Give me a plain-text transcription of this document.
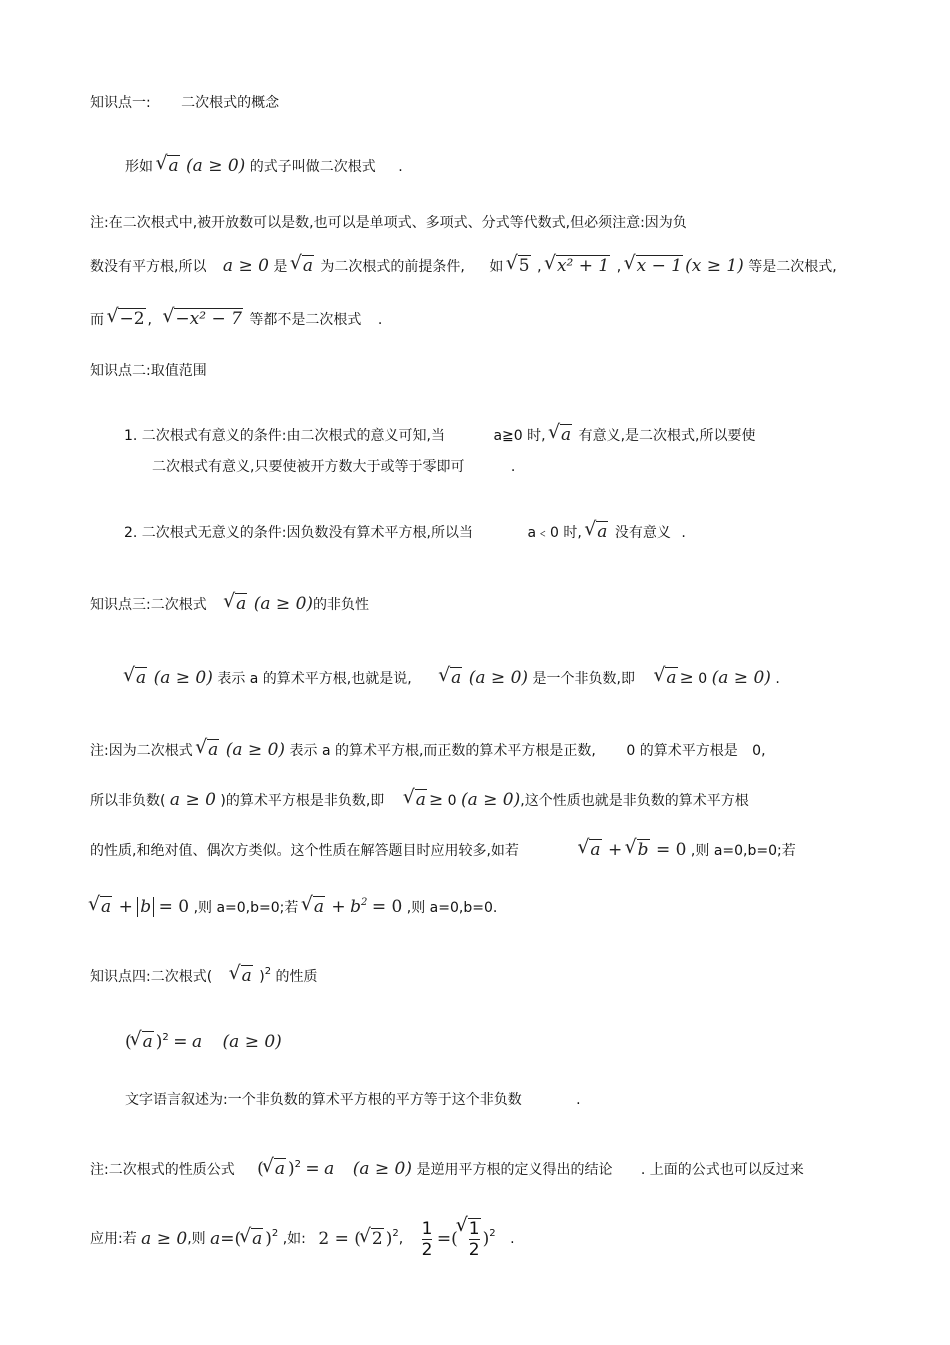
知识点一: 二次根式的概念
形如 √ a (a ≥ 0) 的式子叫做二次根式 .
注:在二次根式中,被开放数可以是数,也可以是单项式、多项式、分式等代数式,但必须注意:因为负
数没有平方根,所以 a ≥ 0 是 √ a 为二次根式的前提条件, 如 √ 5 , √ x² + 1 , √ x − 1 (x ≥ 1) 等是二次根式,
而 √ −2 , √ −x² − 7 等都不是二次根式 .
知识点二:取值范围
1. 二次根式有意义的条件:由二次根式的意义可知,当	a≧0 时, √ a 有意义,是二次根式,所以要使
二次根式有意义,只要使被开方数大于或等于零即可	.
2. 二次根式无意义的条件:因负数没有算术平方根,所以当	a﹤0 时, √ a 没有意义 .
知识点三:二次根式 √ a (a ≥ 0)的非负性
√ a (a ≥ 0) 表示 a 的算术平方根,也就是说, √ a (a ≥ 0) 是一个非负数,即 √ a ≥ 0 (a ≥ 0) .
注:因为二次根式 √ a (a ≥ 0) 表示 a 的算术平方根,而正数的算术平方根是正数, 0 的算术平方根是 0,
所以非负数( a ≥ 0 )的算术平方根是非负数,即 √ a ≥ 0 (a ≥ 0),这个性质也就是非负数的算术平方根
的性质,和绝对值、偶次方类似。这个性质在解答题目时应用较多,如若	√ a + √ b = 0 ,则 a=0,b=0;若
√ a + b = 0 ,则 a=0,b=0;若 √ $a + b^2 = 0$ ,则 a=0,b=0.
知识点四:二次根式( √ a )$^2$ 的性质
( √ a )$^2$ = a (a ≥ 0)
文字语言叙述为:一个非负数的算术平方根的平方等于这个非负数	.
注:二次根式的性质公式 ( √ a )$^2$ = a (a ≥ 0) 是逆用平方根的定义得出的结论 . 上面的公式也可以反过来
应用:若 a ≥ 0,则 a=( √ a )$^2$ ,如: 2 = ( √ 2 )$^2$, $\frac{1}{2}$ =( √ $\frac{1}{2} )^2$ .
